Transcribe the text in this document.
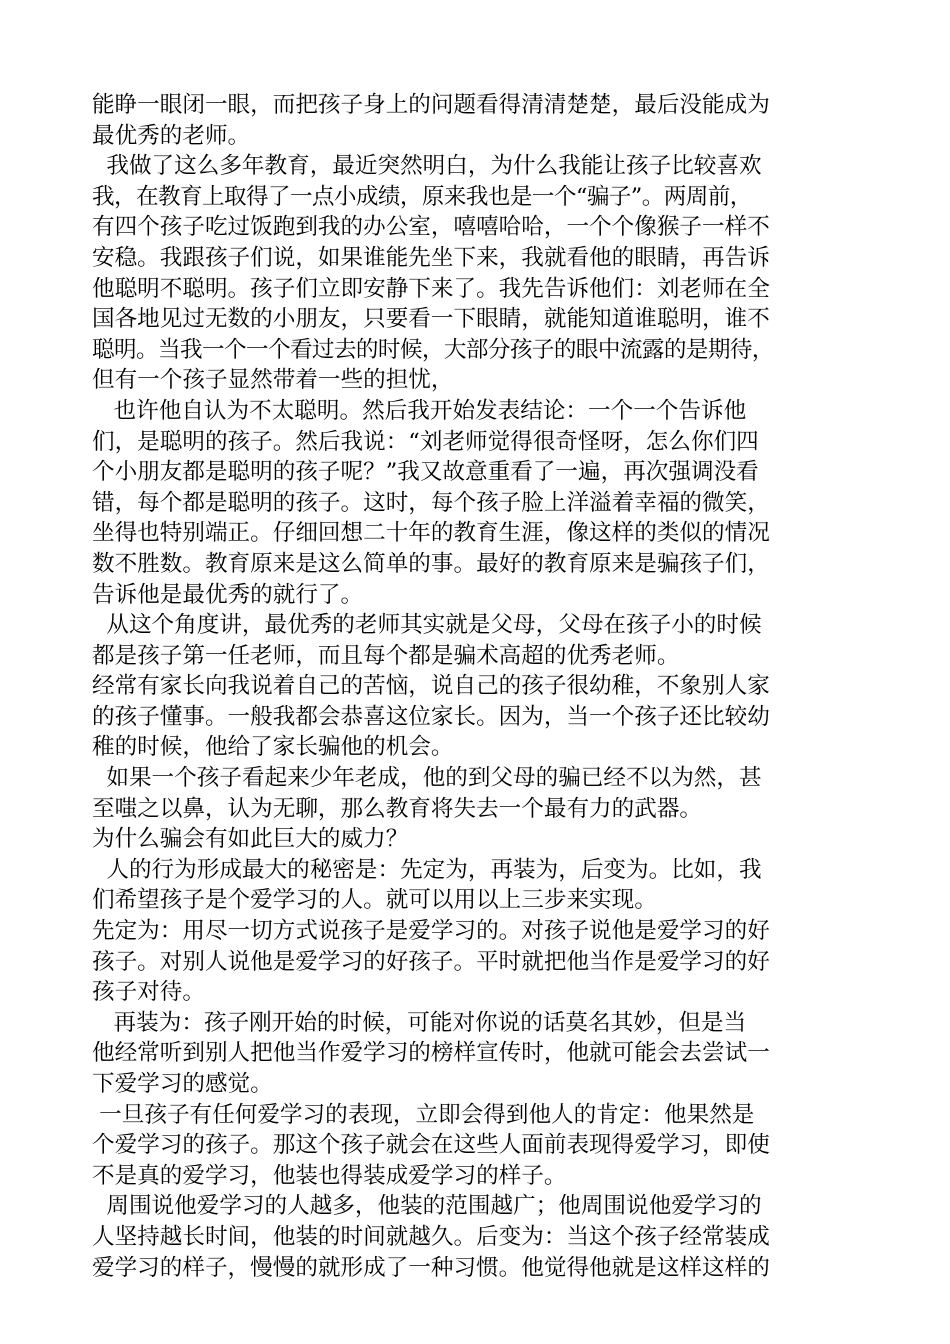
能睁一眼闭一眼，而把孩子身上的问题看得清清楚楚，最后没能成为
最优秀的老师。
我做了这么多年教育，最近突然明白，为什么我能让孩子比较喜欢
我，在教育上取得了一点小成绩，原来我也是一个“骗子”。两周前，
有四个孩子吃过饭跑到我的办公室，嘻嘻哈哈，一个个像猴子一样不
安稳。我跟孩子们说，如果谁能先坐下来，我就看他的眼睛，再告诉
他聪明不聪明。孩子们立即安静下来了。我先告诉他们：刘老师在全
国各地见过无数的小朋友，只要看一下眼睛，就能知道谁聪明，谁不
聪明。当我一个一个看过去的时候，大部分孩子的眼中流露的是期待，
但有一个孩子显然带着一些的担忧，
也许他自认为不太聪明。然后我开始发表结论：一个一个告诉他
们，是聪明的孩子。然后我说：“刘老师觉得很奇怪呀，怎么你们四
个小朋友都是聪明的孩子呢？”我又故意重看了一遍，再次强调没看
错，每个都是聪明的孩子。这时，每个孩子脸上洋溢着幸福的微笑，
坐得也特别端正。仔细回想二十年的教育生涯，像这样的类似的情况
数不胜数。教育原来是这么简单的事。最好的教育原来是骗孩子们，
告诉他是最优秀的就行了。
从这个角度讲，最优秀的老师其实就是父母，父母在孩子小的时候
都是孩子第一任老师，而且每个都是骗术高超的优秀老师。
经常有家长向我说着自己的苦恼，说自己的孩子很幼稚，不象别人家
的孩子懂事。一般我都会恭喜这位家长。因为，当一个孩子还比较幼
稚的时候，他给了家长骗他的机会。
如果一个孩子看起来少年老成，他的到父母的骗已经不以为然，甚
至嗤之以鼻，认为无聊，那么教育将失去一个最有力的武器。
为什么骗会有如此巨大的威力？
人的行为形成最大的秘密是：先定为，再装为，后变为。比如，我
们希望孩子是个爱学习的人。就可以用以上三步来实现。
先定为：用尽一切方式说孩子是爱学习的。对孩子说他是爱学习的好
孩子。对别人说他是爱学习的好孩子。平时就把他当作是爱学习的好
孩子对待。
再装为：孩子刚开始的时候，可能对你说的话莫名其妙，但是当
他经常听到别人把他当作爱学习的榜样宣传时，他就可能会去尝试一
下爱学习的感觉。
一旦孩子有任何爱学习的表现，立即会得到他人的肯定：他果然是
个爱学习的孩子。那这个孩子就会在这些人面前表现得爱学习，即使
不是真的爱学习，他装也得装成爱学习的样子。
周围说他爱学习的人越多，他装的范围越广；他周围说他爱学习的
人坚持越长时间，他装的时间就越久。后变为：当这个孩子经常装成
爱学习的样子，慢慢的就形成了一种习惯。他觉得他就是这样这样的
